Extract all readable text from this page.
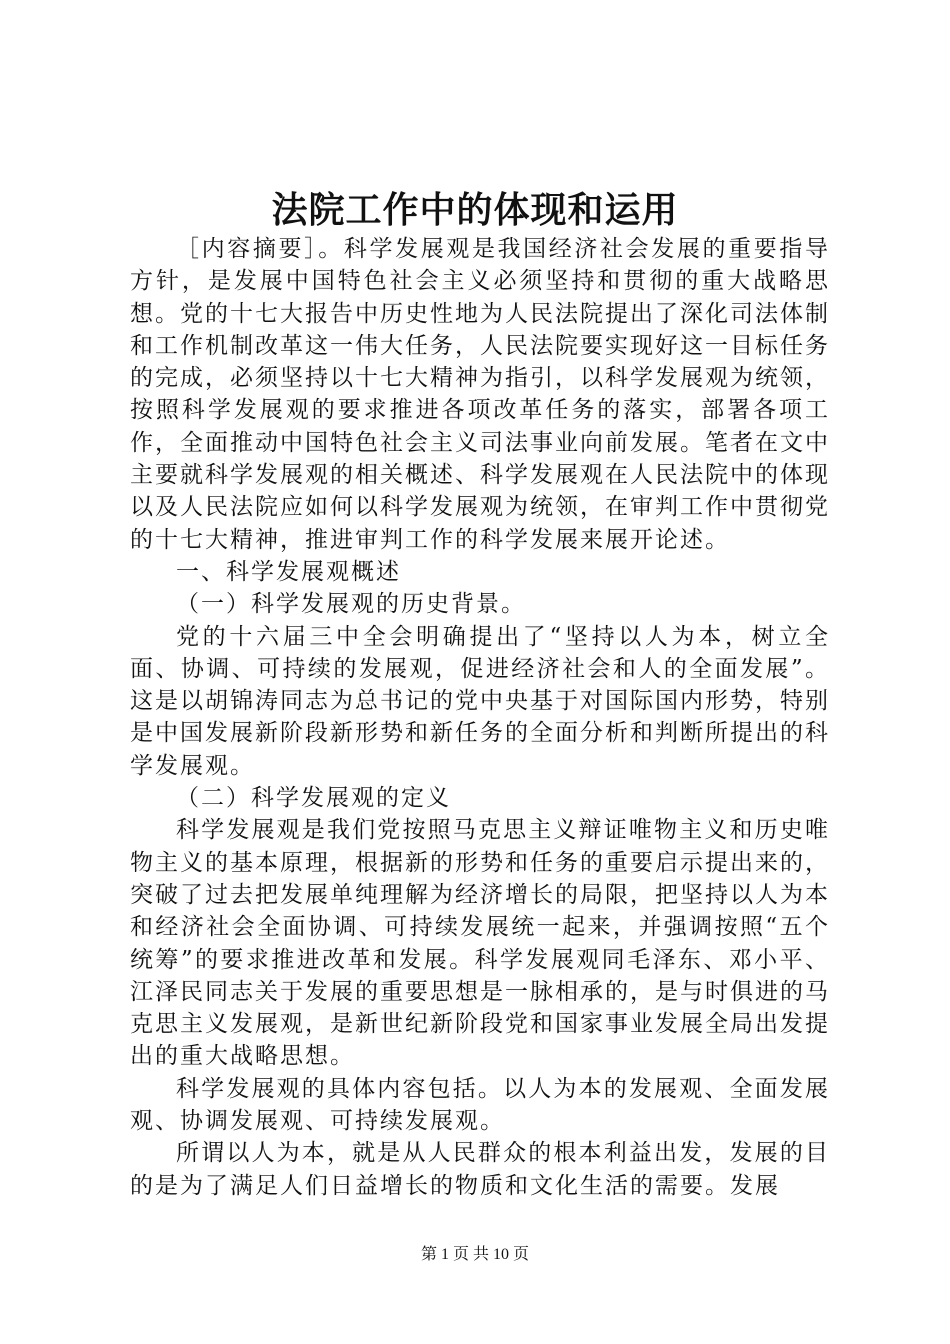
法院工作中的体现和运用

［内容摘要］。科学发展观是我国经济社会发展的重要指导方针，是发展中国特色社会主义必须坚持和贯彻的重大战略思想。党的十七大报告中历史性地为人民法院提出了深化司法体制和工作机制改革这一伟大任务，人民法院要实现好这一目标任务的完成，必须坚持以十七大精神为指引，以科学发展观为统领，按照科学发展观的要求推进各项改革任务的落实，部署各项工作，全面推动中国特色社会主义司法事业向前发展。笔者在文中主要就科学发展观的相关概述、科学发展观在人民法院中的体现以及人民法院应如何以科学发展观为统领，在审判工作中贯彻党的十七大精神，推进审判工作的科学发展来展开论述。

一、科学发展观概述

（一）科学发展观的历史背景。

党的十六届三中全会明确提出了“坚持以人为本，树立全面、协调、可持续的发展观，促进经济社会和人的全面发展”。这是以胡锦涛同志为总书记的党中央基于对国际国内形势，特别是中国发展新阶段新形势和新任务的全面分析和判断所提出的科学发展观。

（二）科学发展观的定义

科学发展观是我们党按照马克思主义辩证唯物主义和历史唯物主义的基本原理，根据新的形势和任务的重要启示提出来的，突破了过去把发展单纯理解为经济增长的局限，把坚持以人为本和经济社会全面协调、可持续发展统一起来，并强调按照“五个统筹”的要求推进改革和发展。科学发展观同毛泽东、邓小平、江泽民同志关于发展的重要思想是一脉相承的，是与时俱进的马克思主义发展观，是新世纪新阶段党和国家事业发展全局出发提出的重大战略思想。

科学发展观的具体内容包括。以人为本的发展观、全面发展观、协调发展观、可持续发展观。

所谓以人为本，就是从人民群众的根本利益出发，发展的目的是为了满足人们日益增长的物质和文化生活的需要。发展

第 1 页 共 10 页
